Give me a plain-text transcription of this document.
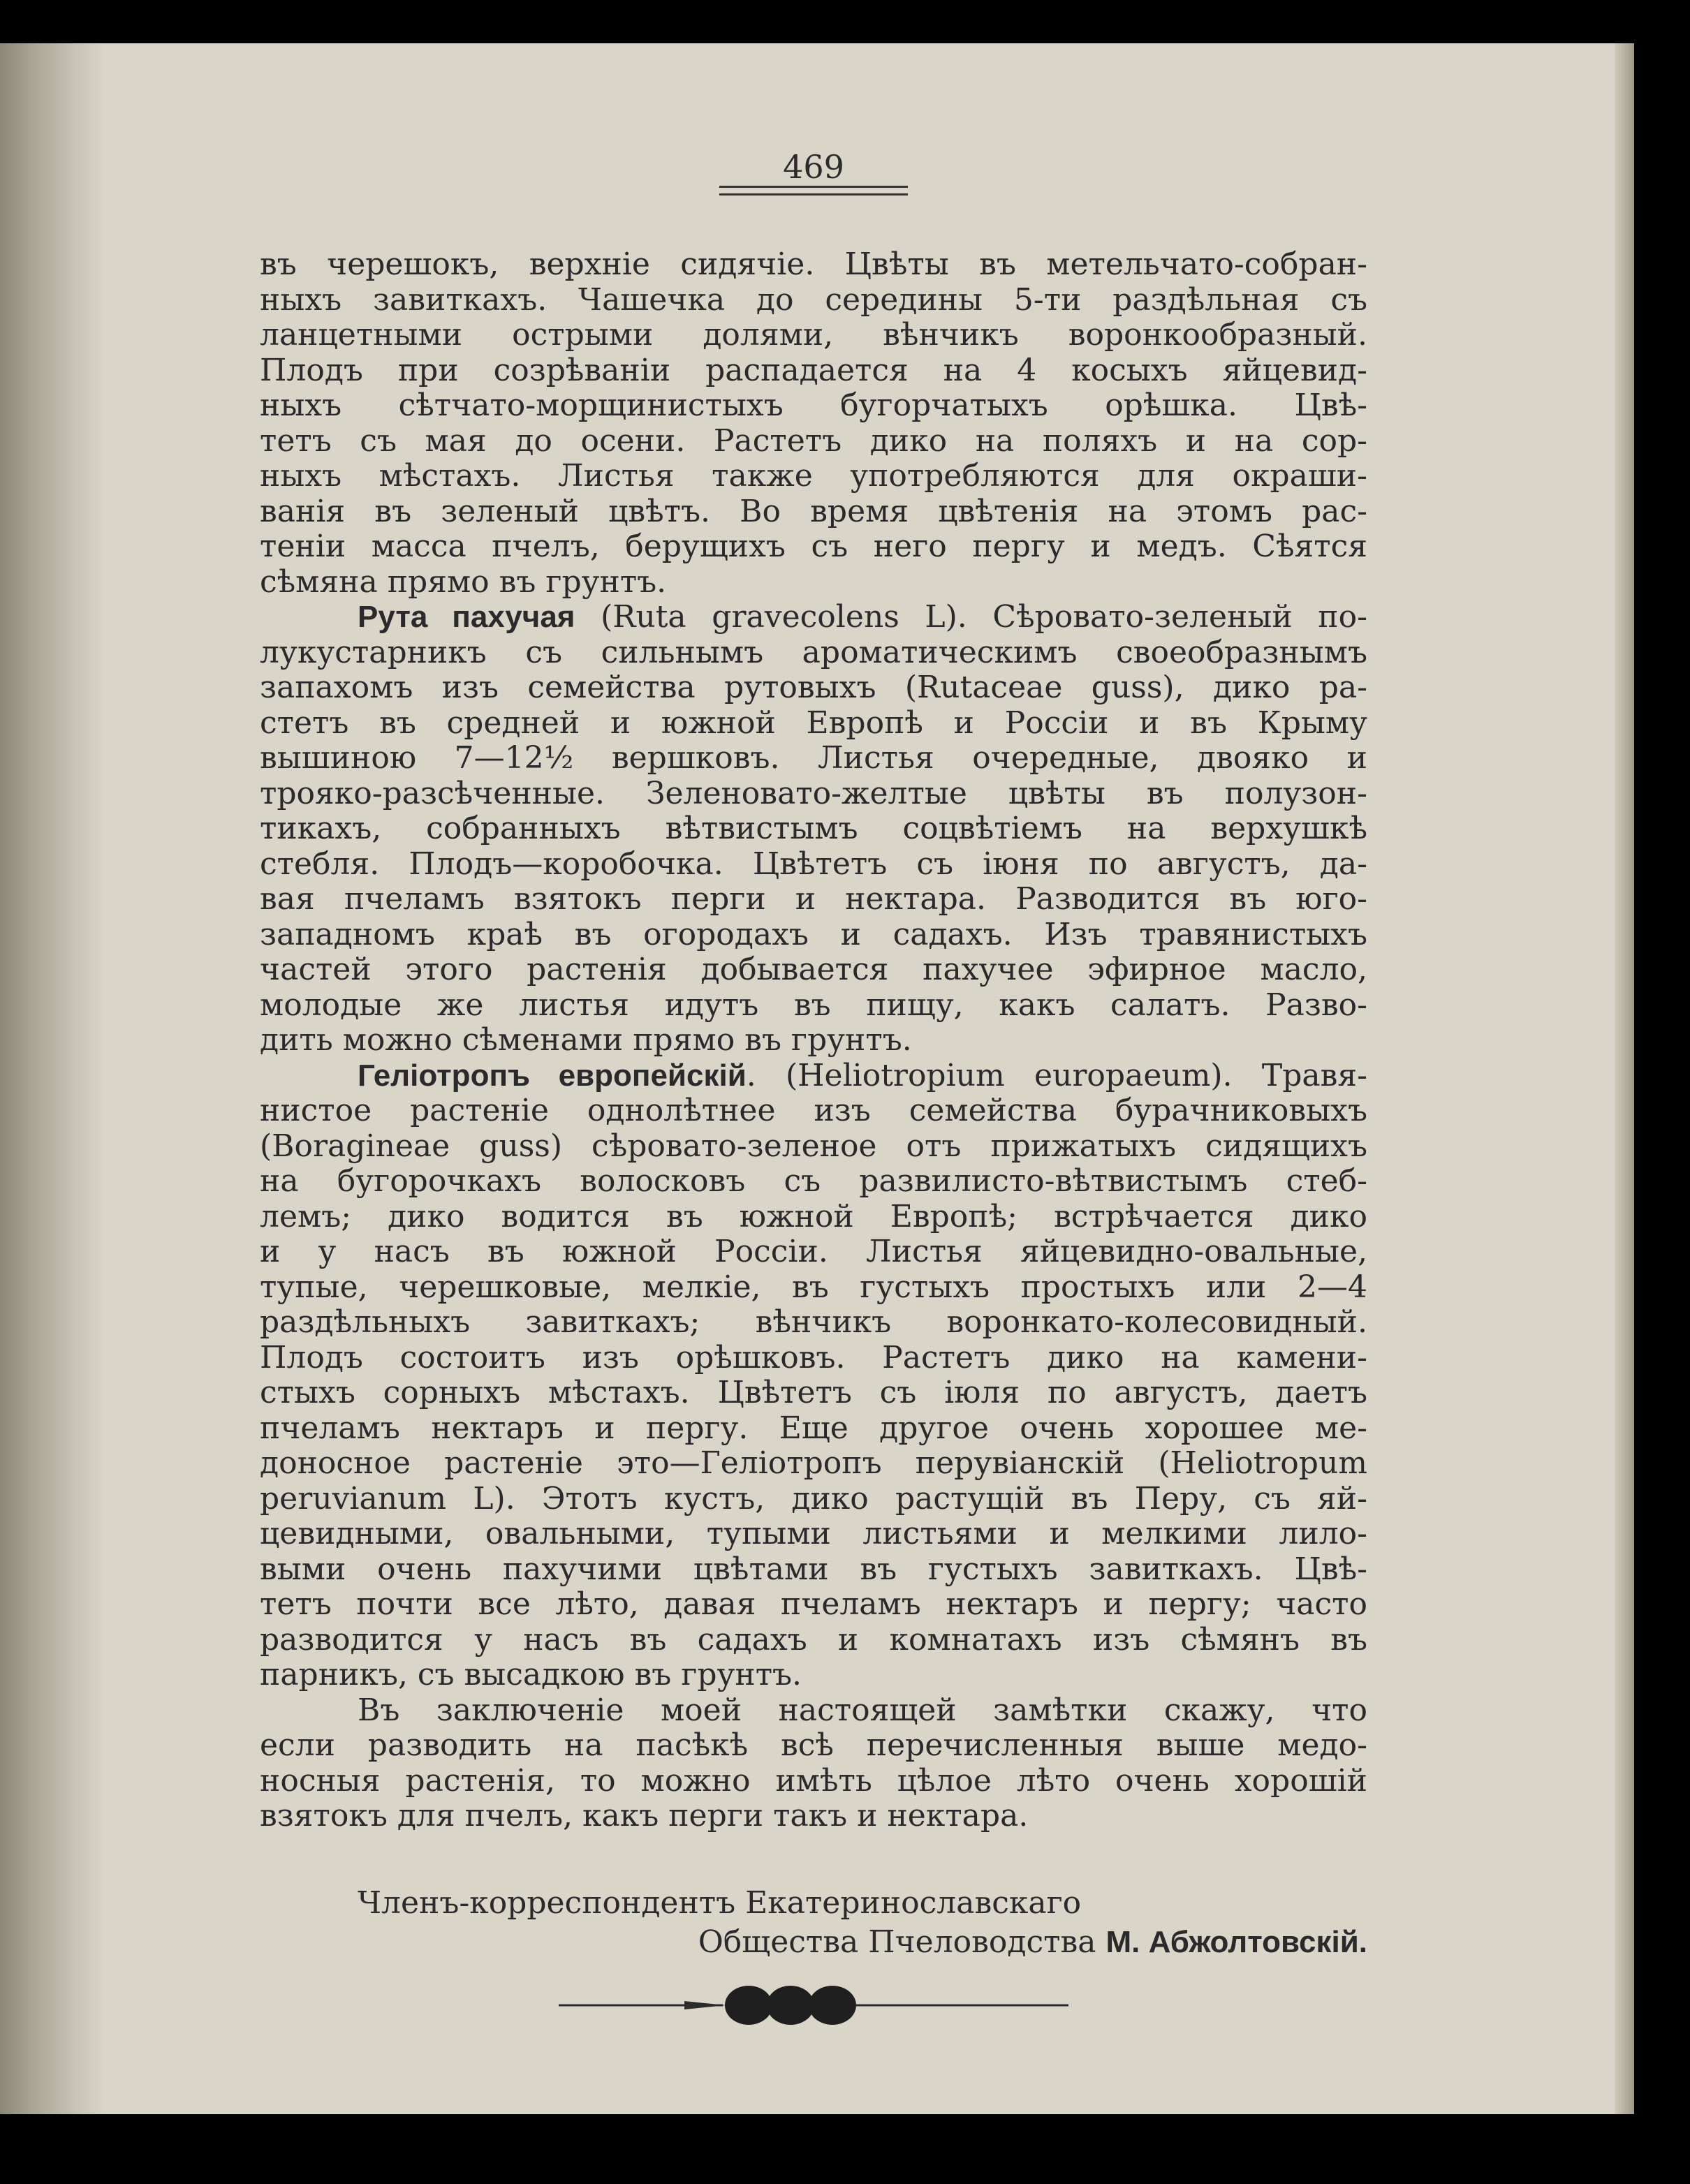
469
въ черешокъ, верхніе сидячіе. Цвѣты въ метельчато-собран-
ныхъ завиткахъ. Чашечка до середины 5-ти раздѣльная съ
ланцетными острыми долями, вѣнчикъ воронкообразный.
Плодъ при созрѣваніи распадается на 4 косыхъ яйцевид-
ныхъ сѣтчато-морщинистыхъ бугорчатыхъ орѣшка. Цвѣ-
тетъ съ мая до осени. Растетъ дико на поляхъ и на сор-
ныхъ мѣстахъ. Листья также употребляются для окраши-
ванія въ зеленый цвѣтъ. Во время цвѣтенія на этомъ рас-
теніи масса пчелъ, берущихъ съ него пергу и медъ. Сѣятся
сѣмяна прямо въ грунтъ.
Рута пахучая (Ruta graveсolens L). Сѣровато-зеленый по-
лукустарникъ съ сильнымъ ароматическимъ своеобразнымъ
запахомъ изъ семейства рутовыхъ (Rutaceae guss), дико ра-
стетъ въ средней и южной Европѣ и Россіи и въ Крыму
вышиною 7—12½ вершковъ. Листья очередные, двояко и
трояко-разсѣченные. Зеленовато-желтые цвѣты въ полузон-
тикахъ, собранныхъ вѣтвистымъ соцвѣтіемъ на верхушкѣ
стебля. Плодъ—коробочка. Цвѣтетъ съ іюня по августъ, да-
вая пчеламъ взятокъ перги и нектара. Разводится въ юго-
западномъ краѣ въ огородахъ и садахъ. Изъ травянистыхъ
частей этого растенія добывается пахучее эфирное масло,
молодые же листья идутъ въ пищу, какъ салатъ. Разво-
дить можно сѣменами прямо въ грунтъ.
Геліотропъ европейскій. (Heliotropium europaeum). Травя-
нистое растеніе однолѣтнее изъ семейства бурачниковыхъ
(Boragineae guss) сѣровато-зеленое отъ прижатыхъ сидящихъ
на бугорочкахъ волосковъ съ развилисто-вѣтвистымъ стеб-
лемъ; дико водится въ южной Европѣ; встрѣчается дико
и у насъ въ южной Россіи. Листья яйцевидно-овальные,
тупые, черешковые, мелкіе, въ густыхъ простыхъ или 2—4
раздѣльныхъ завиткахъ; вѣнчикъ воронкато-колесовидный.
Плодъ состоитъ изъ орѣшковъ. Растетъ дико на камени-
стыхъ сорныхъ мѣстахъ. Цвѣтетъ съ іюля по августъ, даетъ
пчеламъ нектаръ и пергу. Еще другое очень хорошее ме-
доносное растеніе это—Геліотропъ перувіанскій (Heliotropum
peruvianum L). Этотъ кустъ, дико растущій въ Перу, съ яй-
цевидными, овальными, тупыми листьями и мелкими лило-
выми очень пахучими цвѣтами въ густыхъ завиткахъ. Цвѣ-
тетъ почти все лѣто, давая пчеламъ нектаръ и пергу; часто
разводится у насъ въ садахъ и комнатахъ изъ сѣмянъ въ
парникъ, съ высадкою въ грунтъ.
Въ заключеніе моей настоящей замѣтки скажу, что
если разводить на пасѣкѣ всѣ перечисленныя выше медо-
носныя растенія, то можно имѣть цѣлое лѣто очень хорошій
взятокъ для пчелъ, какъ перги такъ и нектара.
Членъ-корреспондентъ Екатеринославскаго
Общества Пчеловодства М. Абжолтовскій.
